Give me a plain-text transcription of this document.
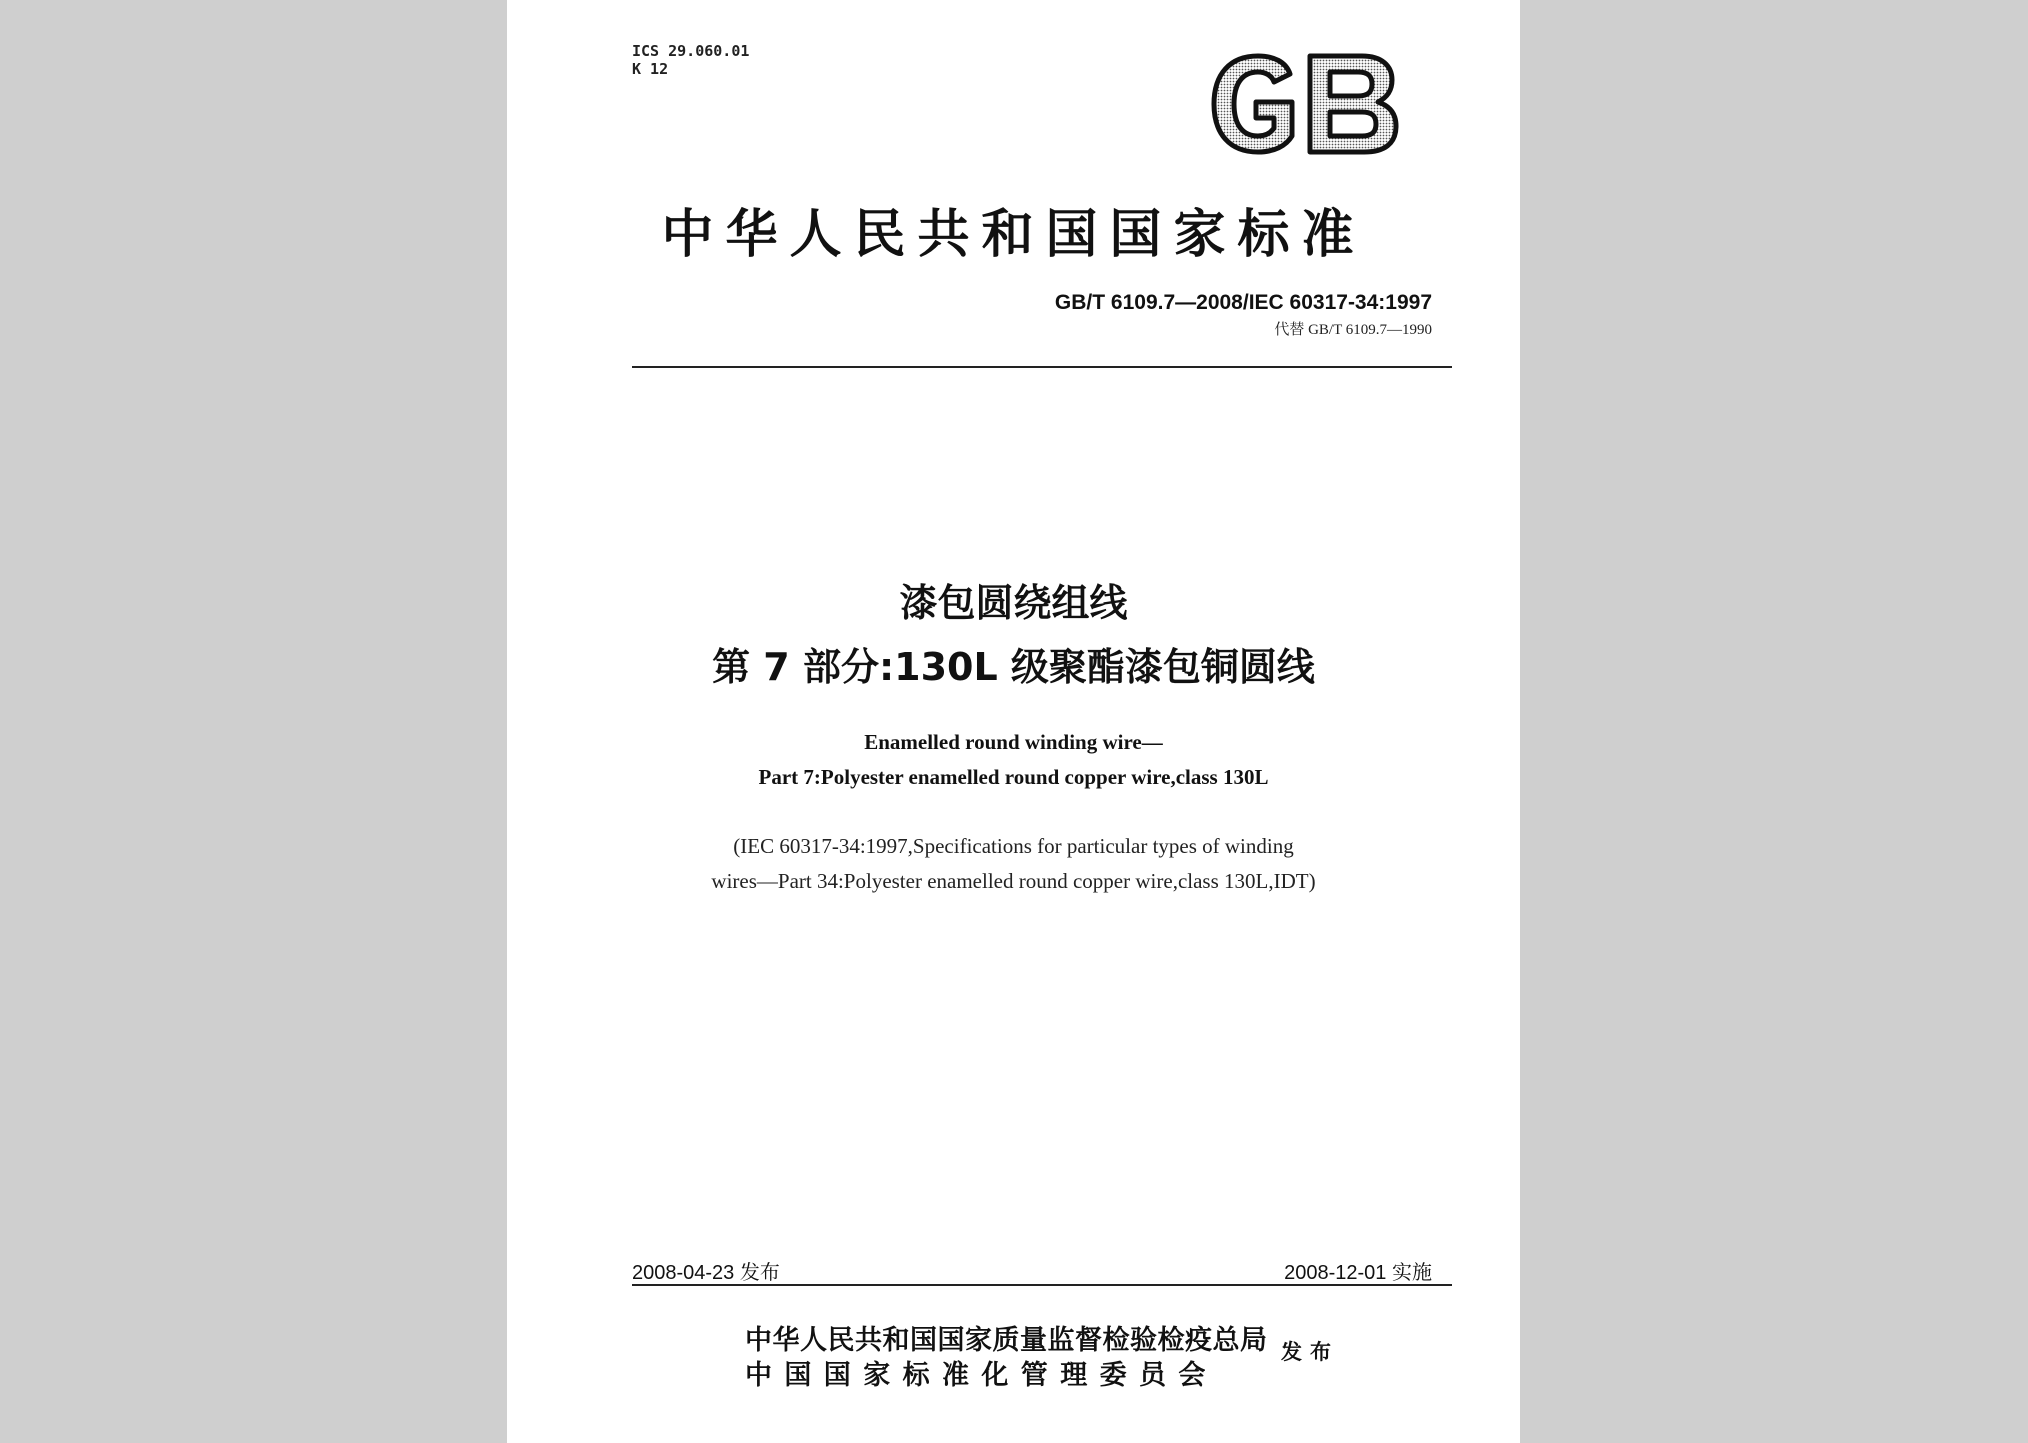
ICS 29.060.01
K 12
中华人民共和国国家标准
GB/T 6109.7—2008/IEC 60317-34:1997
代替 GB/T 6109.7—1990
漆包圆绕组线
第 7 部分:130L 级聚酯漆包铜圆线
Enamelled round winding wire—
Part 7:Polyester enamelled round copper wire,class 130L
(IEC 60317-34:1997,Specifications for particular types of winding
wires—Part 34:Polyester enamelled round copper wire,class 130L,IDT)
2008-04-23 发布	2008-12-01 实施
中华人民共和国国家质量监督检验检疫总局
中国国家标准化管理委员会
发布
